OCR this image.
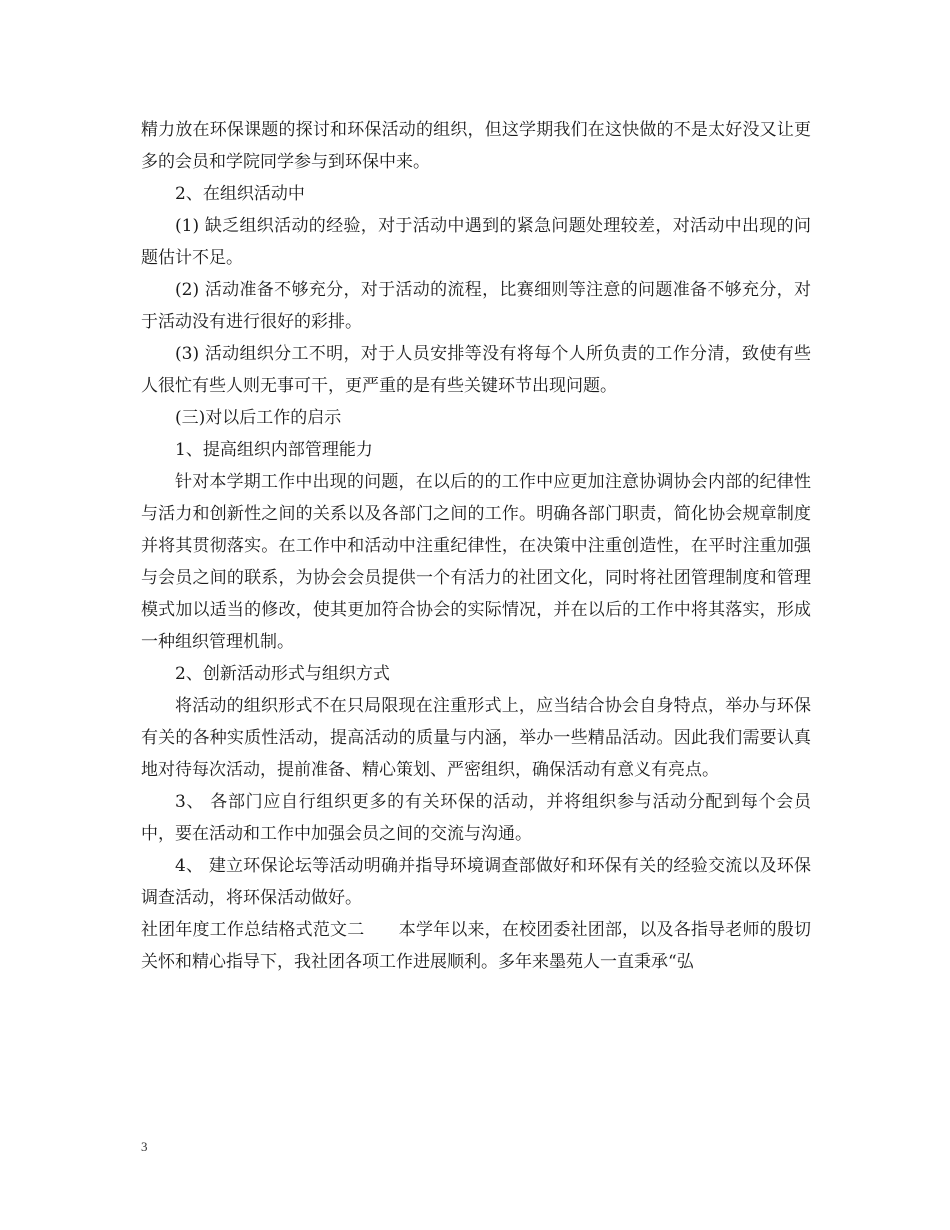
精力放在环保课题的探讨和环保活动的组织，但这学期我们在这快做的不是太好没又让更多的会员和学院同学参与到环保中来。

2、在组织活动中

(1) 缺乏组织活动的经验，对于活动中遇到的紧急问题处理较差，对活动中出现的问题估计不足。

(2) 活动准备不够充分，对于活动的流程，比赛细则等注意的问题准备不够充分，对于活动没有进行很好的彩排。

(3) 活动组织分工不明，对于人员安排等没有将每个人所负责的工作分清，致使有些人很忙有些人则无事可干，更严重的是有些关键环节出现问题。

(三)对以后工作的启示

1、提高组织内部管理能力

针对本学期工作中出现的问题，在以后的的工作中应更加注意协调协会内部的纪律性与活力和创新性之间的关系以及各部门之间的工作。明确各部门职责，简化协会规章制度并将其贯彻落实。在工作中和活动中注重纪律性，在决策中注重创造性，在平时注重加强与会员之间的联系，为协会会员提供一个有活力的社团文化，同时将社团管理制度和管理模式加以适当的修改，使其更加符合协会的实际情况，并在以后的工作中将其落实，形成一种组织管理机制。

2、创新活动形式与组织方式

将活动的组织形式不在只局限现在注重形式上，应当结合协会自身特点，举办与环保有关的各种实质性活动，提高活动的质量与内涵，举办一些精品活动。因此我们需要认真地对待每次活动，提前准备、精心策划、严密组织，确保活动有意义有亮点。

3、 各部门应自行组织更多的有关环保的活动，并将组织参与活动分配到每个会员中，要在活动和工作中加强会员之间的交流与沟通。

4、 建立环保论坛等活动明确并指导环境调查部做好和环保有关的经验交流以及环保调查活动，将环保活动做好。

社团年度工作总结格式范文二　　本学年以来，在校团委社团部，以及各指导老师的殷切关怀和精心指导下，我社团各项工作进展顺利。多年来墨苑人一直秉承“弘

3
